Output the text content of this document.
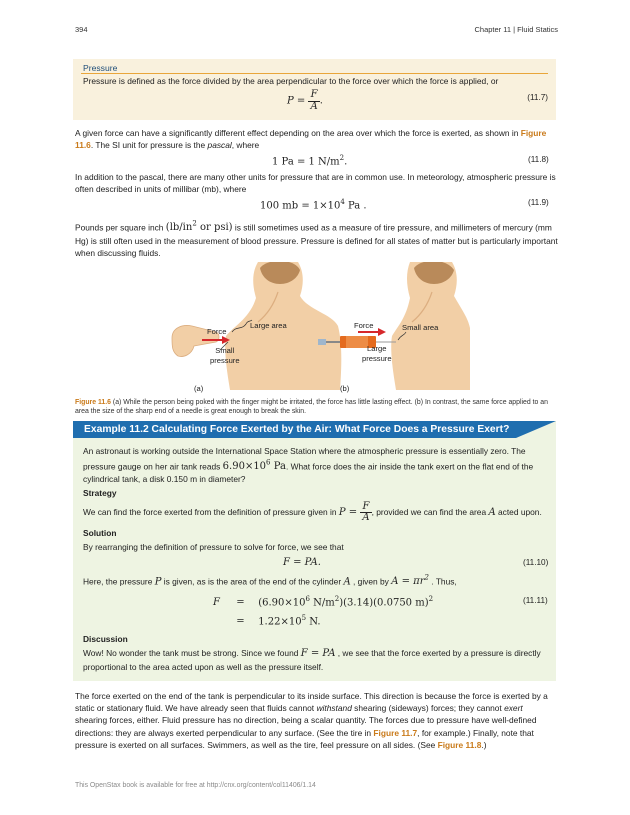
394	Chapter 11 | Fluid Statics
Pressure

Pressure is defined as the force divided by the area perpendicular to the force over which the force is applied, or

$P = \frac{F}{A}$ .	(11.7)

A given force can have a significantly different effect depending on the area over which the force is exerted, as shown in Figure 11.6. The SI unit for pressure is the pascal, where

1 Pa = 1 $N/m^2$.	(11.8)

In addition to the pascal, there are many other units for pressure that are in common use. In meteorology, atmospheric pressure is often described in units of millibar (mb), where

100 mb = $1\times 10^4$ Pa .	(11.9)

Pounds per square inch ($lb/in^2$ or psi) is still sometimes used as a measure of tire pressure, and millimeters of mercury (mm

Hg) is still often used in the measurement of blood pressure. Pressure is defined for all states of matter but is particularly important when discussing fluids.

Force
Large area
Small
pressure
(a)
Force	Small area
Large
pressure
(b)
Figure 11.6 (a) While the person being poked with the finger might be irritated, the force has little lasting effect. (b) In contrast, the same force applied to an area the size of the sharp end of a needle is great enough to break the skin.
Example 11.2 Calculating Force Exerted by the Air: What Force Does a Pressure Exert?

An astronaut is working outside the International Space Station where the atmospheric pressure is essentially zero. The

pressure gauge on her air tank reads $6.90\times 10^6$ Pa. What force does the air inside the tank exert on the flat end of the

cylindrical tank, a disk 0.150 m in diameter?

Strategy

We can find the force exerted from the definition of pressure given in $P = \frac{F}{A}$ , provided we can find the area A acted upon.

Solution

By rearranging the definition of pressure to solve for force, we see that

F = PA.	(11.10)

Here, the pressure P is given, as is the area of the end of the cylinder A , given by $A = \pi r^2$ . Thus,

$F = (6.90\times 10^6$ $N/m^2)(3.14)(0.0750$ m)$^2$
= $1.22\times 10^5$ N.
(11.11)

Discussion

Wow! No wonder the tank must be strong. Since we found F = PA , we see that the force exerted by a pressure is directly

proportional to the area acted upon as well as the pressure itself.

The force exerted on the end of the tank is perpendicular to its inside surface. This direction is because the force is exerted by a
static or stationary fluid. We have already seen that fluids cannot withstand shearing (sideways) forces; they cannot exert
shearing forces, either. Fluid pressure has no direction, being a scalar quantity. The forces due to pressure have well-defined
directions: they are always exerted perpendicular to any surface. (See the tire in Figure 11.7, for example.) Finally, note that
pressure is exerted on all surfaces. Swimmers, as well as the tire, feel pressure on all sides. (See Figure 11.8.)
This OpenStax book is available for free at http://cnx.org/content/col11406/1.14
